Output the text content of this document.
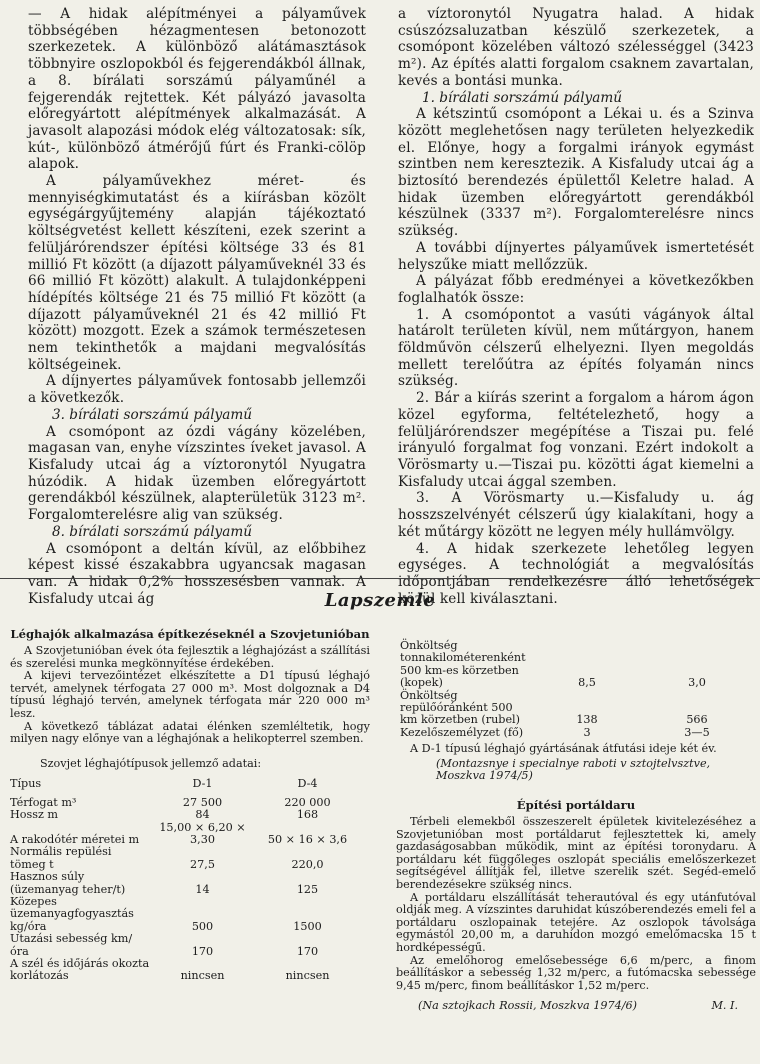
— A hidak alépítményei a pályaművek többségében hézagmentesen betonozott szerkezetek. A különböző alátámasztások többnyire oszlopokból és fejgerendákból állnak, a 8. bírálati sorszámú pályaműnél a fejgerendák rejtettek. Két pályázó javasolta előregyártott alépítmények alkalmazását. A javasolt alapozási módok elég változatosak: sík, kút-, különböző átmérőjű fúrt és Franki-cölöp alapok.

A pályaművekhez méret- és mennyiségkimutatást és a kiírásban közölt egységárgyűjtemény alapján tájékoztató költségvetést kellett készíteni, ezek szerint a felüljárórendszer építési költsége 33 és 81 millió Ft között (a díjazott pályaműveknél 33 és 66 millió Ft között) alakult. A tulajdonképpeni hídépítés költsége 21 és 75 millió Ft között (a díjazott pályaműveknél 21 és 42 millió Ft között) mozgott. Ezek a számok természetesen nem tekinthetők a majdani megvalósítás költségeinek.

A díjnyertes pályaművek fontosabb jellemzői a következők.

3. bírálati sorszámú pályamű

A csomópont az ózdi vágány közelében, magasan van, enyhe vízszintes íveket javasol. A Kisfaludy utcai ág a víztoronytól Nyugatra húzódik. A hidak üzemben előregyártott gerendákból készülnek, alapterületük 3123 m². Forgalomterelésre alig van szükség.

8. bírálati sorszámú pályamű

A csomópont a deltán kívül, az előbbihez képest kissé északabbra ugyancsak magasan van. A hidak 0,2% hosszesésben vannak. A Kisfaludy utcai ág

a víztoronytól Nyugatra halad. A hidak csúszózsaluzatban készülő szerkezetek, a csomópont közelében változó szélességgel (3423 m²). Az építés alatti forgalom csaknem zavartalan, kevés a bontási munka.

1. bírálati sorszámú pályamű

A kétszintű csomópont a Lékai u. és a Szinva között meglehetősen nagy területen helyezkedik el. Előnye, hogy a forgalmi irányok egymást szintben nem keresztezik. A Kisfaludy utcai ág a biztosító berendezés épülettől Keletre halad. A hidak üzemben előregyártott gerendákból készülnek (3337 m²). Forgalomterelésre nincs szükség.

A további díjnyertes pályaművek ismertetését helyszűke miatt mellőzzük.

A pályázat főbb eredményei a következőkben foglalhatók össze:

1. A csomópontot a vasúti vágányok által határolt területen kívül, nem műtárgyon, hanem földművön célszerű elhelyezni. Ilyen megoldás mellett terelőútra az építés folyamán nincs szükség.

2. Bár a kiírás szerint a forgalom a három ágon közel egyforma, feltételezhető, hogy a felüljárórendszer megépítése a Tiszai pu. felé irányuló forgalmat fog vonzani. Ezért indokolt a Vörösmarty u.—Tiszai pu. közötti ágat kiemelni a Kisfaludy utcai ággal szemben.

3. A Vörösmarty u.—Kisfaludy u. ág hosszszelvényét célszerű úgy kialakítani, hogy a két műtárgy között ne legyen mély hullámvölgy.

4. A hidak szerkezete lehetőleg legyen egységes. A technológiát a megvalósítás időpontjában rendelkezésre álló lehetőségek közül kell kiválasztani.

Lapszemle

Léghajók alkalmazása építkezéseknél a Szovjetunióban

A Szovjetunióban évek óta fejlesztik a léghajózást a szállítási és szerelési munka megkönnyítése érdekében.

A kijevi tervezőintézet elkészítette a D1 típusú léghajó tervét, amelynek térfogata 27 000 m³. Most dolgoznak a D4 típusú léghajó tervén, amelynek térfogata már 220 000 m³ lesz.

A következő táblázat adatai élénken szemléltetik, hogy milyen nagy előnye van a léghajónak a helikopterrel szemben.

Szovjet léghajótípusok jellemző adatai:

Típus	D-1	D-4

Térfogat m³	27 500	220 000
Hossz m	84	168
A rakodótér méretei m	15,00 × 6,20 × 3,30	50 × 16 × 3,6
Normális repülési tömeg t	27,5	220,0
Hasznos súly (üzemanyag teher/t)	14	125
Közepes üzemanyagfogyasztás kg/óra	500	1500
Utazási sebesség km/óra	170	170
A szél és időjárás okozta korlátozás	nincsen	nincsen
Önköltség tonnakilométerenként 500 km-es körzetben (kopek)	8,5	3,0
Önköltség repülőóránként 500 km körzetben (rubel)	138	566
Kezelőszemélyzet (fő)	3	3—5

A D-1 típusú léghajó gyártásának átfutási ideje két év.

(Montazsnye i specialnye raboti v sztojtelvsztve, Moszkva 1974/5)

Építési portáldaru

Térbeli elemekből összeszerelt épületek kivitelezéséhez a Szovjetunióban most portáldarut fejlesztettek ki, amely gazdaságosabban működik, mint az építési toronydaru. A portáldaru két függőleges oszlopát speciális emelőszerkezet segítségével állítják fel, illetve szerelik szét. Segéd-emelő berendezésekre szükség nincs.

A portáldaru elszállítását teherautóval és egy utánfutóval oldják meg. A vízszintes daruhidat kúszóberendezés emeli fel a portáldaru oszlopainak tetejére. Az oszlopok távolsága egymástól 20,00 m, a daruhídon mozgó emelőmacska 15 t hordképességű.

Az emelőhorog emelősebessége 6,6 m/perc, a finom beállításkor a sebesség 1,32 m/perc, a futómacska sebessége 9,45 m/perc, finom beállításkor 1,52 m/perc.

(Na sztojkach Rossii, Moszkva 1974/6)	M. I.
